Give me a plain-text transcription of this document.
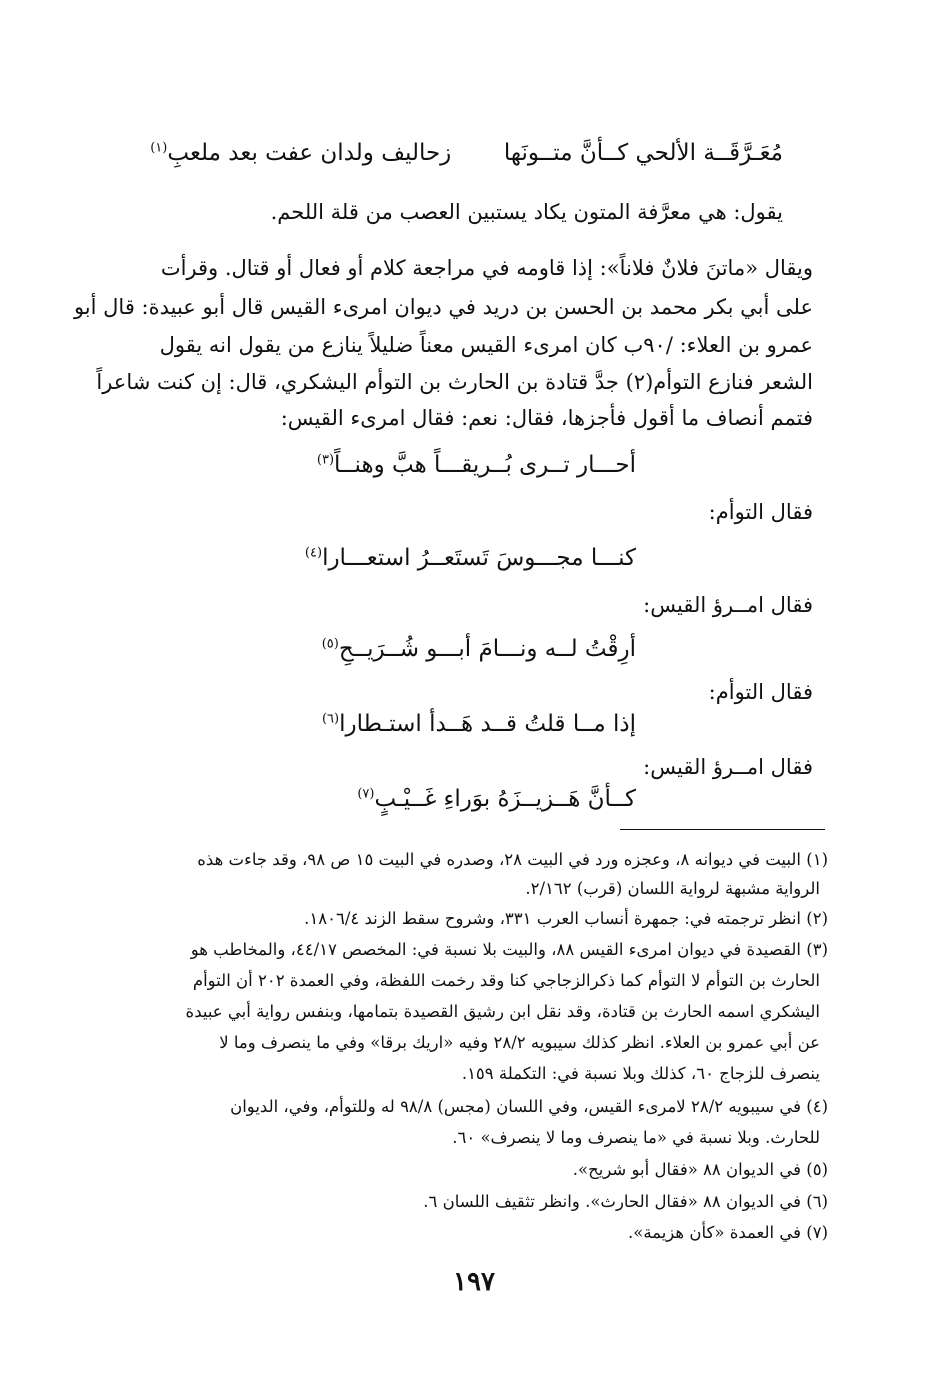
مُعَـرَّقَــة الألحي كــأنَّ متــونَها  زحاليف ولدان عفت بعد ملعبِ$^{(١)}$
يقول: هي معرَّفة المتون يكاد يستبين العصب من قلة اللحم.
ويقال «ماتنَ فلانٌ فلاناً»: إذا قاومه في مراجعة كلام أو فعال أو قتال. وقرأت
على أبي بكر محمد بن الحسن بن دريد في ديوان امرىء القيس قال أبو عبيدة: قال أبو
عمرو بن العلاء: /٩٠ب كان امرىء القيس معناً ضليلاً ينازع من يقول انه يقول
الشعر فنازع التوأم(٢) جدَّ قتادة بن الحارث بن التوأم اليشكري، قال: إن كنت شاعراً
فتمم أنصاف ما أقول فأجزها، فقال: نعم: فقال امرىء القيس:
أحـــار تــرى بُــريقـــاً هبَّ وهنــاً$^{(٣)}$
فقال التوأم:
كنـــا مجـــوسَ تَستَعــرُ استعـــارا$^{(٤)}$
فقال امــرؤ القيس:
أرِقْتُ لــه ونـــامَ أبـــو شُــرَيــحِ$^{(٥)}$
فقال التوأم:
إذا مــا قلتُ قــد هَــدأ استـطارا$^{(٦)}$
فقال امــرؤ القيس:
كــأنَّ هَــزيــزَهُ بوَراءِ غَــيْـبٍ$^{(٧)}$
(١) البيت في ديوانه ٨، وعجزه ورد في البيت ٢٨، وصدره في البيت ١٥ ص ٩٨، وقد جاءت هذه
الرواية مشبهة لرواية اللسان (قرب) ٢/١٦٢.
(٢) انظر ترجمته في: جمهرة أنساب العرب ٣٣١، وشروح سقط الزند ١٨٠٦/٤.
(٣) القصيدة في ديوان امرىء القيس ٨٨، والبيت بلا نسبة في: المخصص ٤٤/١٧، والمخاطب هو
الحارث بن التوأم لا التوأم كما ذكرالزجاجي كنا وقد رخمت اللفظة، وفي العمدة ٢٠٢ أن التوأم
اليشكري اسمه الحارث بن قتادة، وقد نقل ابن رشيق القصيدة بتمامها، وبنفس رواية أبي عبيدة
عن أبي عمرو بن العلاء. انظر كذلك سيبويه ٢٨/٢ وفيه «اريك برقا» وفي ما ينصرف وما لا
ينصرف للزجاج ٦٠، كذلك وبلا نسبة في: التكملة ١٥٩.
(٤) في سيبويه ٢٨/٢ لامرىء القيس، وفي اللسان (مجس) ٩٨/٨ له وللتوأم، وفي، الديوان
للحارث. وبلا نسبة في «ما ينصرف وما لا ينصرف» ٦٠.
(٥) في الديوان ٨٨ «فقال أبو شريح».
(٦) في الديوان ٨٨ «فقال الحارث». وانظر تثقيف اللسان ٦.
(٧) في العمدة «كأن هزيمة».
١٩٧
